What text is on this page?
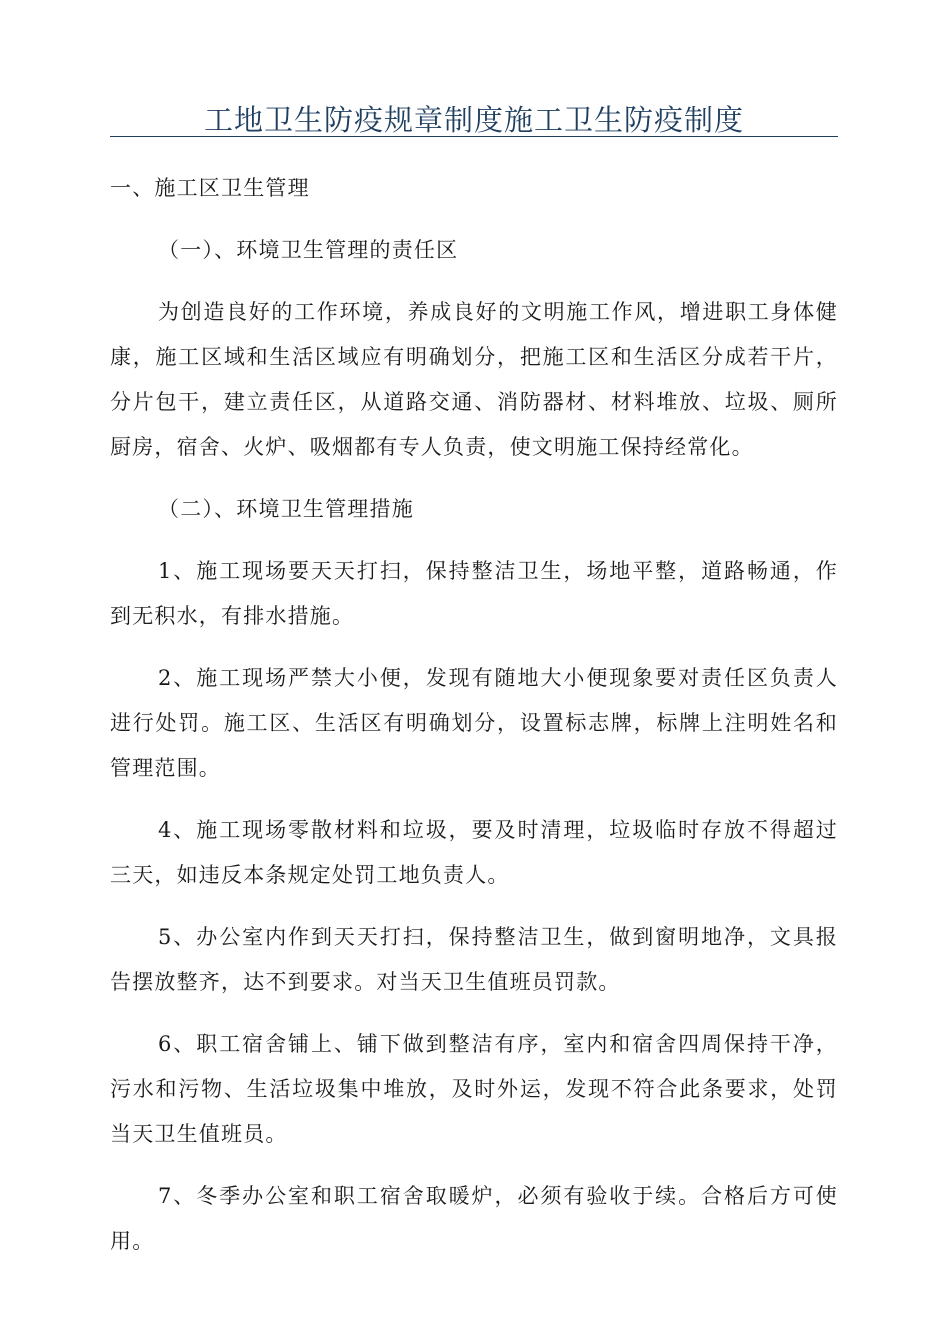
工地卫生防疫规章制度施工卫生防疫制度

一、施工区卫生管理

（一）、环境卫生管理的责任区

为创造良好的工作环境，养成良好的文明施工作风，增进职工身体健康，施工区域和生活区域应有明确划分，把施工区和生活区分成若干片，分片包干，建立责任区，从道路交通、消防器材、材料堆放、垃圾、厕所厨房，宿舍、火炉、吸烟都有专人负责，使文明施工保持经常化。

（二）、环境卫生管理措施

1、施工现场要天天打扫，保持整洁卫生，场地平整，道路畅通，作到无积水，有排水措施。

2、施工现场严禁大小便，发现有随地大小便现象要对责任区负责人进行处罚。施工区、生活区有明确划分，设置标志牌，标牌上注明姓名和管理范围。

4、施工现场零散材料和垃圾，要及时清理，垃圾临时存放不得超过三天，如违反本条规定处罚工地负责人。

5、办公室内作到天天打扫，保持整洁卫生，做到窗明地净，文具报告摆放整齐，达不到要求。对当天卫生值班员罚款。

6、职工宿舍铺上、铺下做到整洁有序，室内和宿舍四周保持干净，污水和污物、生活垃圾集中堆放，及时外运，发现不符合此条要求，处罚当天卫生值班员。

7、冬季办公室和职工宿舍取暖炉，必须有验收于续。合格后方可使用。
